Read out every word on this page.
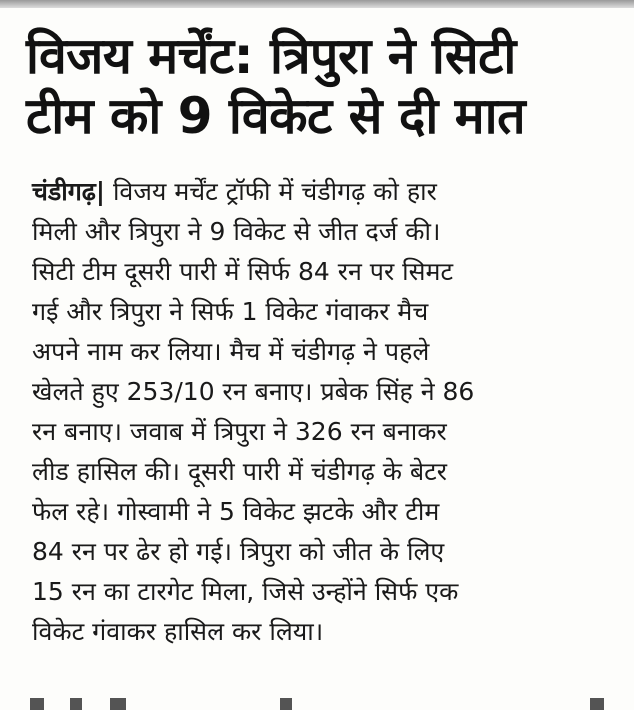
विजय मर्चेंट: त्रिपुरा ने सिटी
टीम को 9 विकेट से दी मात

चंडीगढ़| विजय मर्चेंट ट्रॉफी में चंडीगढ़ को हार
मिली और त्रिपुरा ने 9 विकेट से जीत दर्ज की।
सिटी टीम दूसरी पारी में सिर्फ 84 रन पर सिमट
गई और त्रिपुरा ने सिर्फ 1 विकेट गंवाकर मैच
अपने नाम कर लिया। मैच में चंडीगढ़ ने पहले
खेलते हुए 253/10 रन बनाए। प्रबेक सिंह ने 86
रन बनाए। जवाब में त्रिपुरा ने 326 रन बनाकर
लीड हासिल की। दूसरी पारी में चंडीगढ़ के बेटर
फेल रहे। गोस्वामी ने 5 विकेट झटके और टीम
84 रन पर ढेर हो गई। त्रिपुरा को जीत के लिए
15 रन का टारगेट मिला, जिसे उन्होंने सिर्फ एक
विकेट गंवाकर हासिल कर लिया।
